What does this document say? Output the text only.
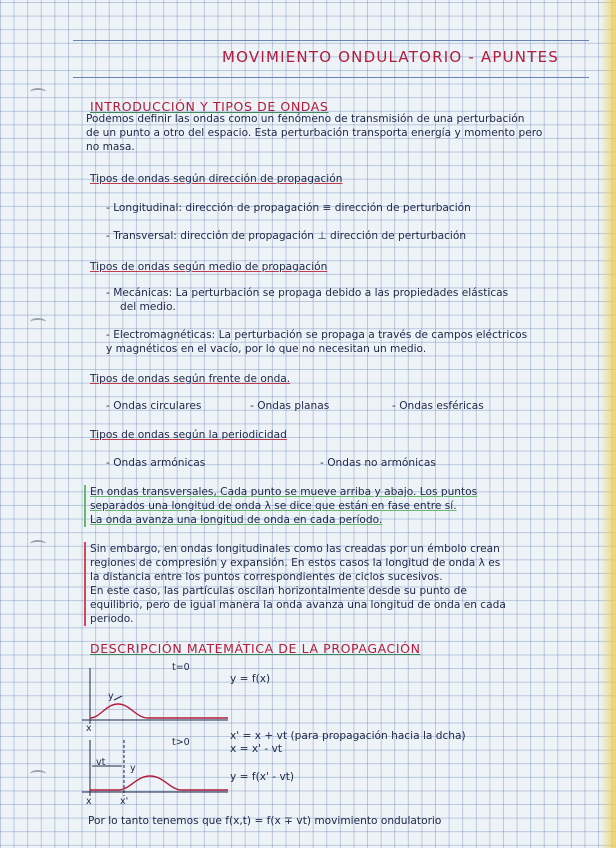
MOVIMIENTO ONDULATORIO - APUNTES
INTRODUCCIÓN Y TIPOS DE ONDAS
Podemos definir las ondas como un fenómeno de transmisión de una perturbación
de un punto a otro del espacio. Esta perturbación transporta energía y momento pero
no masa.
Tipos de ondas según dirección de propagación
- Longitudinal: dirección de propagación ≡ dirección de perturbación
- Transversal: dirección de propagación ⊥ dirección de perturbación
Tipos de ondas según medio de propagación
- Mecánicas: La perturbación se propaga debido a las propiedades elásticas
del medio.
- Electromagnéticas: La perturbación se propaga a través de campos eléctricos
y magnéticos en el vacío, por lo que no necesitan un medio.
Tipos de ondas según frente de onda.
- Ondas circulares	- Ondas planas	- Ondas esféricas
Tipos de ondas según la periodicidad
- Ondas armónicas	- Ondas no armónicas
En ondas transversales, Cada punto se mueve arriba y abajo. Los puntos
separados una longitud de onda λ se dice que están en fase entre sí.
La onda avanza una longitud de onda en cada período.
Sin embargo, en ondas longitudinales como las creadas por un émbolo crean
regiones de compresión y expansión. En estos casos la longitud de onda λ es
la distancia entre los puntos correspondientes de ciclos sucesivos.
En este caso, las partículas oscilan horizontalmente desde su punto de
equilibrio, pero de igual manera la onda avanza una longitud de onda en cada
periodo.
DESCRIPCIÓN MATEMÁTICA DE LA PROPAGACIÓN
t=0
y
x
y = f(x)
t>0
vt
y
x	x'
x' = x + vt (para propagación hacia la dcha)
x = x' - vt
y = f(x' - vt)
Por lo tanto tenemos que f(x,t) = f(x ∓ vt) movimiento ondulatorio
